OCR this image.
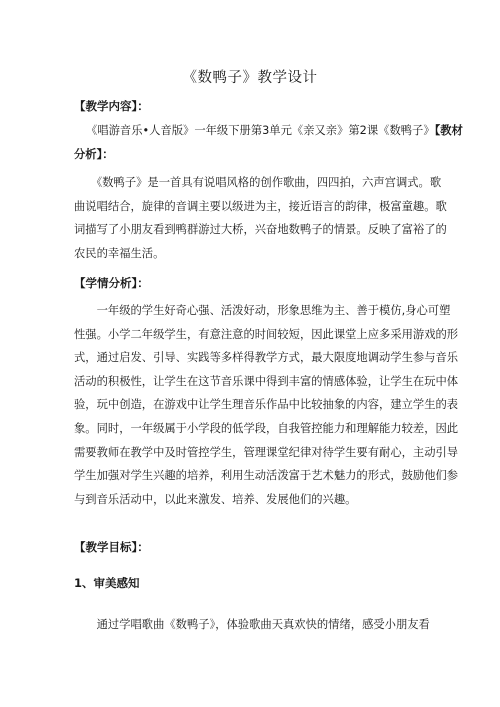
《数鸭子》教学设计
【教学内容】：
《唱游音乐•人音版》一年级下册第3单元《亲又亲》第2课《数鸭子》【教材
分析】：
　　《数鸭子》是一首具有说唱风格的创作歌曲，四四拍，六声宫调式。歌
曲说唱结合，旋律的音调主要以级进为主，接近语言的韵律，极富童趣。歌
词描写了小朋友看到鸭群游过大桥，兴奋地数鸭子的情景。反映了富裕了的
农民的幸福生活。
【学情分析】：
　　一年级的学生好奇心强、活泼好动，形象思维为主、善于模仿,身心可塑
性强。小学二年级学生，有意注意的时间较短，因此课堂上应多采用游戏的形
式，通过启发、引导、实践等多样得教学方式，最大限度地调动学生参与音乐
活动的积极性，让学生在这节音乐课中得到丰富的情感体验，让学生在玩中体
验，玩中创造，在游戏中让学生理音乐作品中比较抽象的内容，建立学生的表
象。同时，一年级属于小学段的低学段，自我管控能力和理解能力较差，因此
需要教师在教学中及时管控学生，管理课堂纪律对待学生要有耐心，主动引导
学生加强对学生兴趣的培养，利用生动活泼富于艺术魅力的形式，鼓励他们参
与到音乐活动中，以此来激发、培养、发展他们的兴趣。
【教学目标】：
1、审美感知
　　通过学唱歌曲《数鸭子》，体验歌曲天真欢快的情绪，感受小朋友看
